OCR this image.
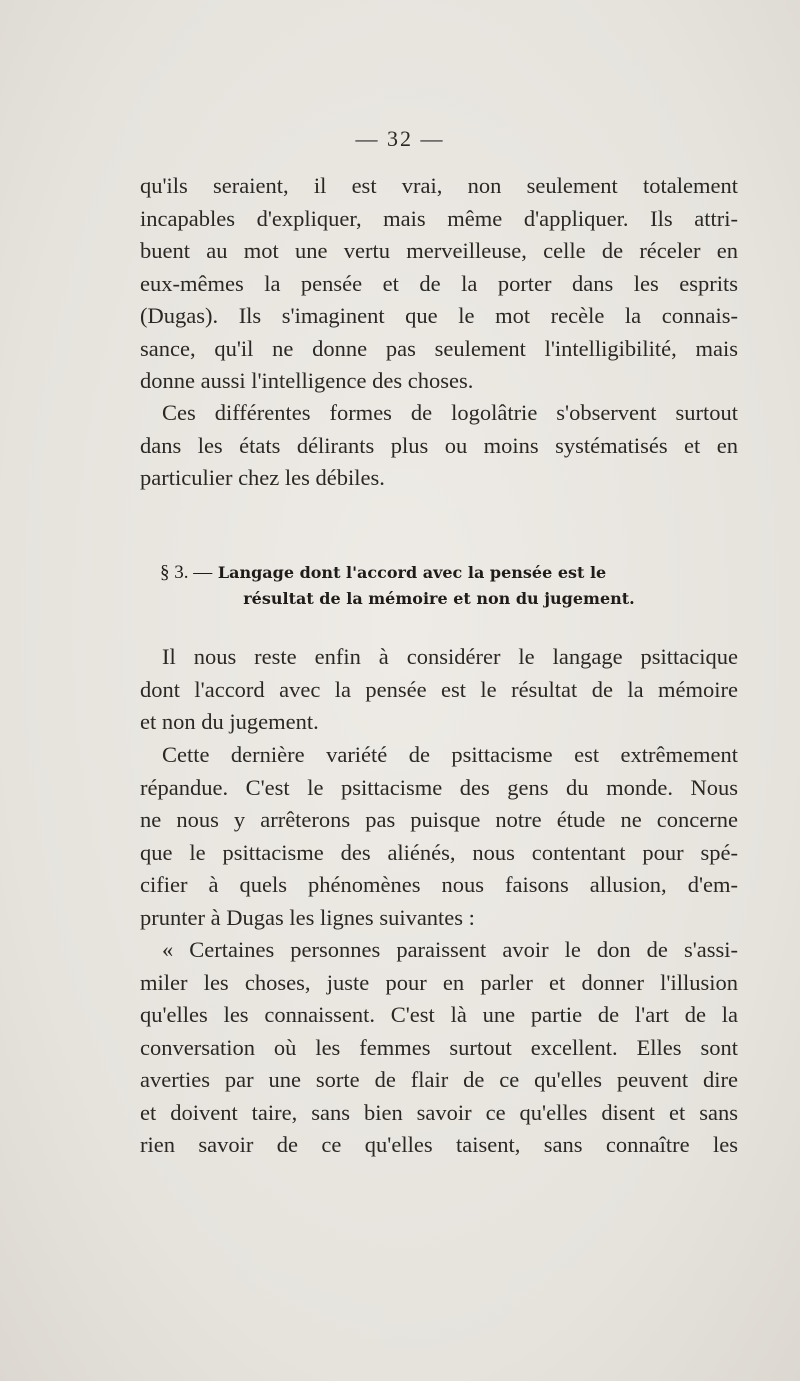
— 32 —
qu'ils seraient, il est vrai, non seulement totalement
incapables d'expliquer, mais même d'appliquer. Ils attri-
buent au mot une vertu merveilleuse, celle de réceler en
eux-mêmes la pensée et de la porter dans les esprits
(Dugas). Ils s'imaginent que le mot recèle la connais-
sance, qu'il ne donne pas seulement l'intelligibilité, mais
donne aussi l'intelligence des choses.
Ces différentes formes de logolâtrie s'observent surtout
dans les états délirants plus ou moins systématisés et en
particulier chez les débiles.
§ 3. — Langage dont l'accord avec la pensée est le
résultat de la mémoire et non du jugement.
Il nous reste enfin à considérer le langage psittacique
dont l'accord avec la pensée est le résultat de la mémoire
et non du jugement.
Cette dernière variété de psittacisme est extrêmement
répandue. C'est le psittacisme des gens du monde. Nous
ne nous y arrêterons pas puisque notre étude ne concerne
que le psittacisme des aliénés, nous contentant pour spé-
cifier à quels phénomènes nous faisons allusion, d'em-
prunter à Dugas les lignes suivantes :
« Certaines personnes paraissent avoir le don de s'assi-
miler les choses, juste pour en parler et donner l'illusion
qu'elles les connaissent. C'est là une partie de l'art de la
conversation où les femmes surtout excellent. Elles sont
averties par une sorte de flair de ce qu'elles peuvent dire
et doivent taire, sans bien savoir ce qu'elles disent et sans
rien savoir de ce qu'elles taisent, sans connaître les
